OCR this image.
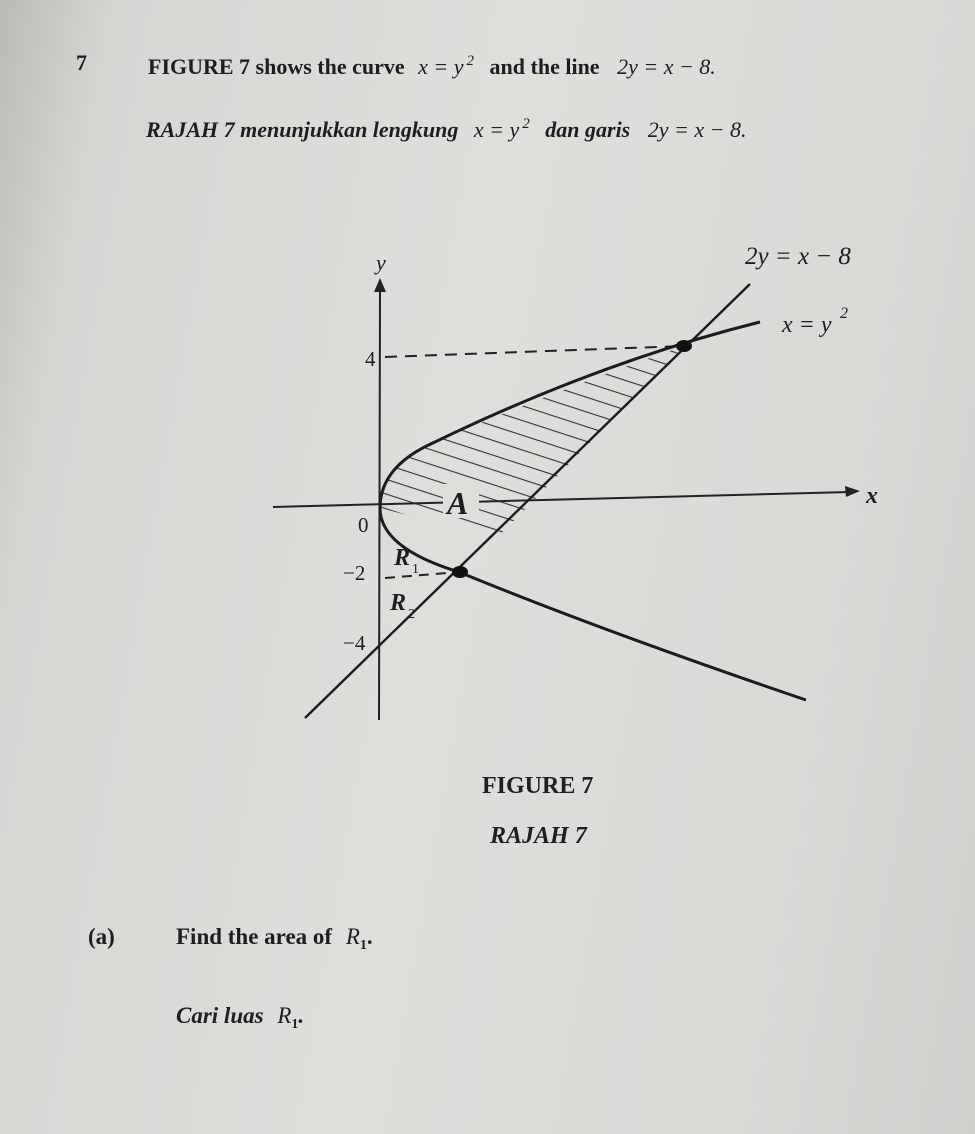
7	FIGURE 7 shows the curve x = y $^2$ and the line 2y = x − 8.
RAJAH 7 menunjukkan lengkung x = y $^2$ dan garis 2y = x − 8.
y
x
0
4
−2
−4
2y = x − 8
x = y 2
A
R 1
R 2
FIGURE 7
RAJAH 7
(a)	Find the area of $R_1$.
Cari luas $R_1$.
